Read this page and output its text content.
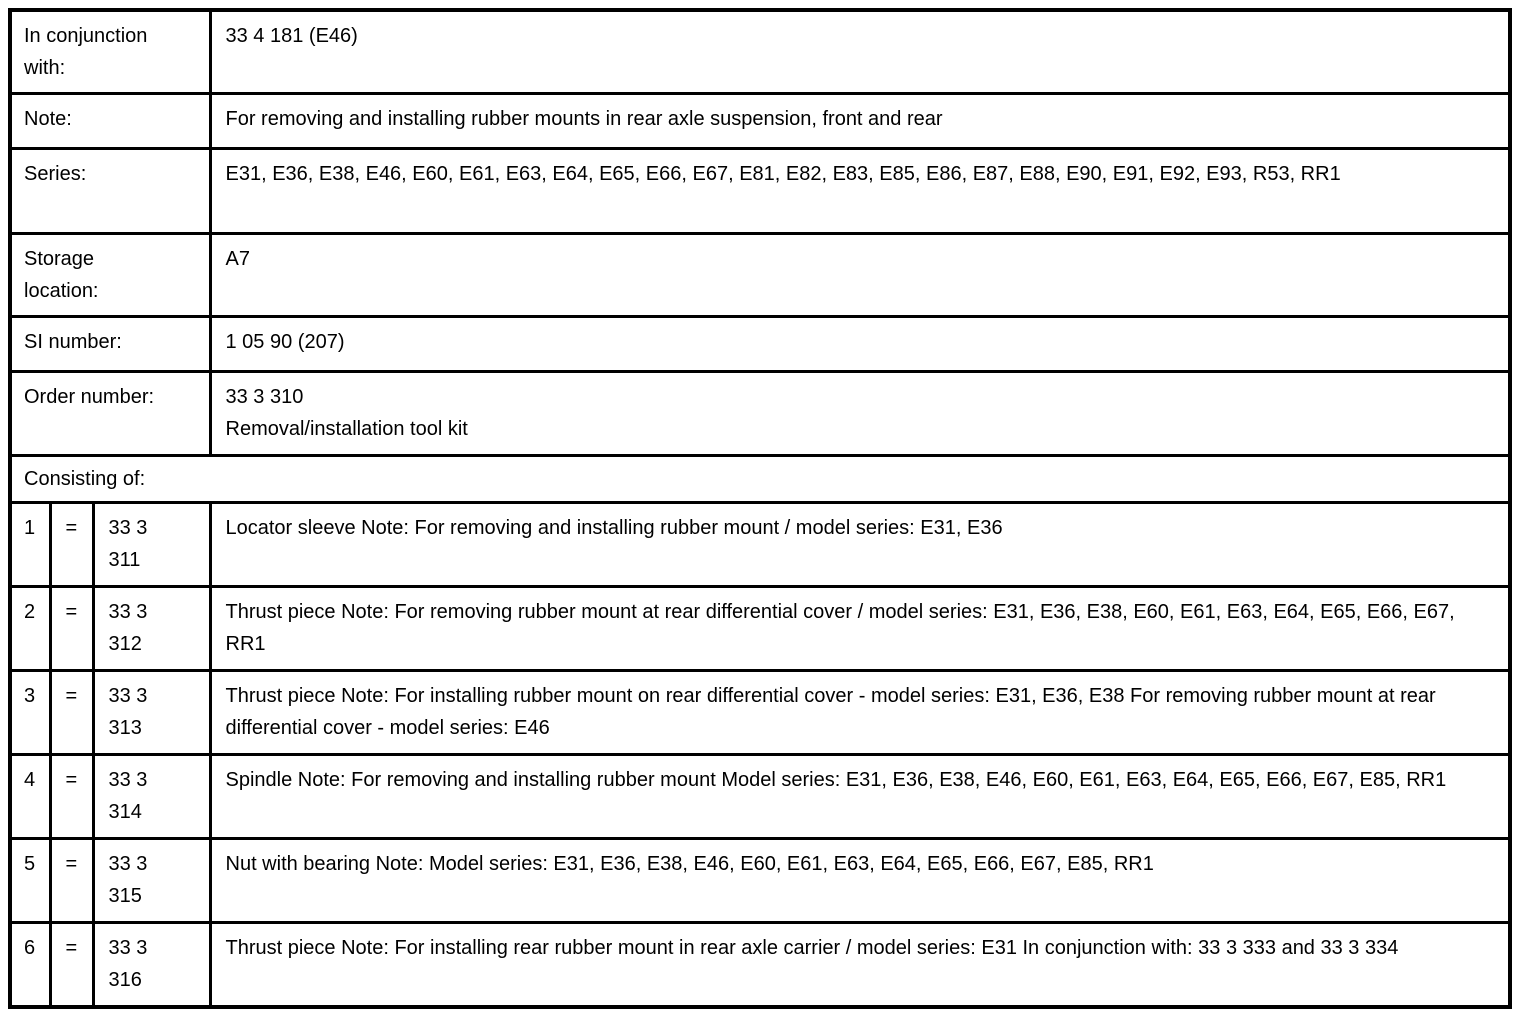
In conjunction with:			33 4 181 (E46)

Note:			For removing and installing rubber mounts in rear axle suspension, front and rear

Series:			E31, E36, E38, E46, E60, E61, E63, E64, E65, E66, E67, E81, E82, E83, E85, E86, E87, E88, E90, E91, E92, E93, R53, RR1

Storage location:			A7

SI number:			1 05 90 (207)

Order number:			33 3 310
Removal/installation tool kit

Consisting of:			
1	=	33 3 311	Locator sleeve Note: For removing and installing rubber mount / model series: E31, E36
2	=	33 3 312	Thrust piece Note: For removing rubber mount at rear differential cover / model series: E31, E36, E38, E60, E61, E63, E64, E65, E66, E67, RR1
3	=	33 3 313	Thrust piece Note: For installing rubber mount on rear differential cover - model series: E31, E36, E38 For removing rubber mount at rear differential cover - model series: E46
4	=	33 3 314	Spindle Note: For removing and installing rubber mount Model series: E31, E36, E38, E46, E60, E61, E63, E64, E65, E66, E67, E85, RR1
5	=	33 3 315	Nut with bearing Note: Model series: E31, E36, E38, E46, E60, E61, E63, E64, E65, E66, E67, E85, RR1
6	=	33 3 316	Thrust piece Note: For installing rear rubber mount in rear axle carrier / model series: E31 In conjunction with: 33 3 333 and 33 3 334
